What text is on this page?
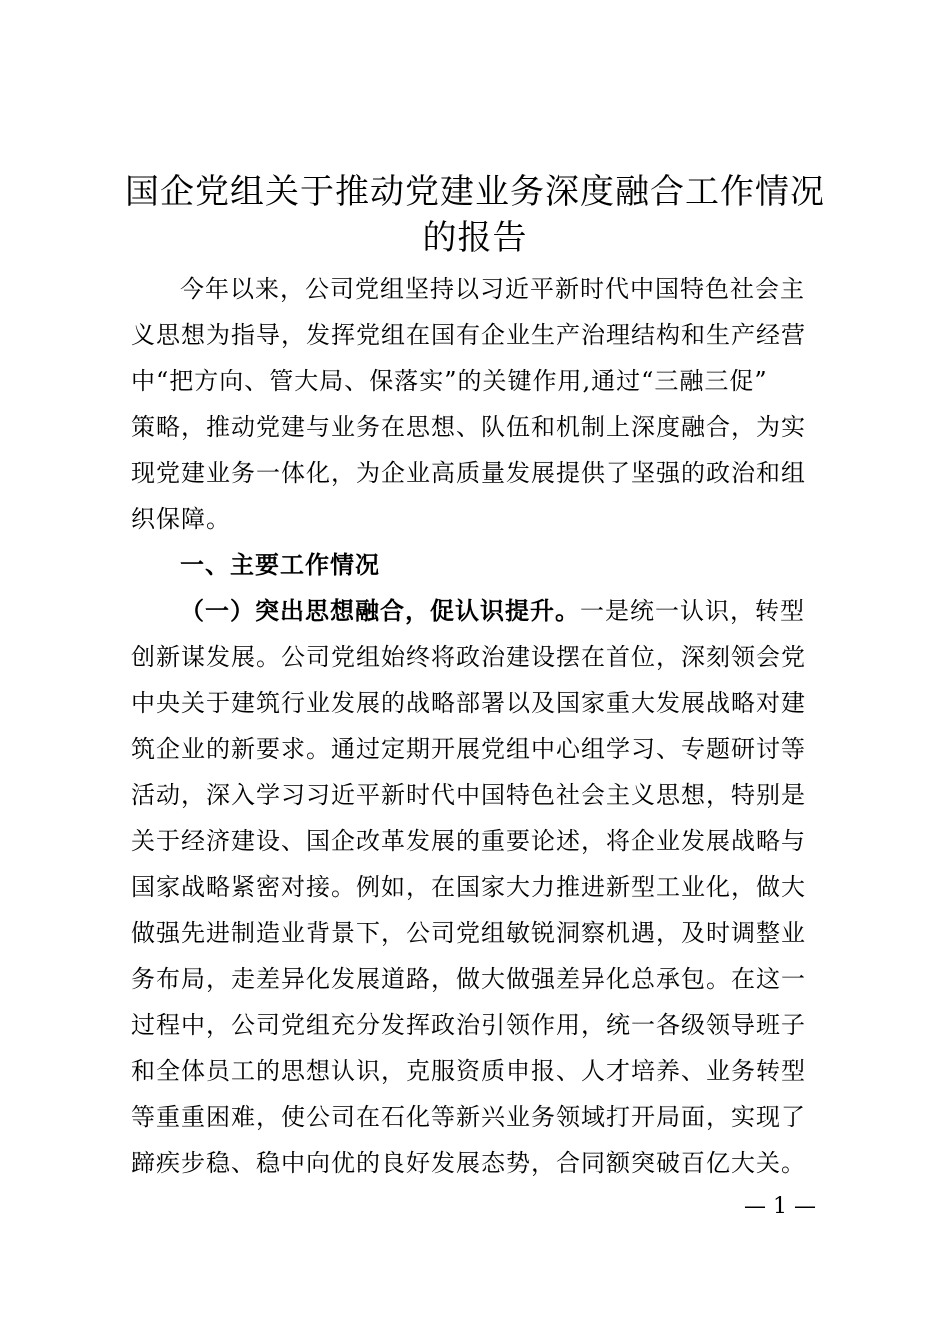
国企党组关于推动党建业务深度融合工作情况
的报告
今年以来，公司党组坚持以习近平新时代中国特色社会主
义思想为指导，发挥党组在国有企业生产治理结构和生产经营
中“把方向、管大局、保落实”的关键作用,通过“三融三促”
策略，推动党建与业务在思想、队伍和机制上深度融合，为实
现党建业务一体化，为企业高质量发展提供了坚强的政治和组
织保障。
一、主要工作情况
（一）突出思想融合，促认识提升。一是统一认识，转型
创新谋发展。公司党组始终将政治建设摆在首位，深刻领会党
中央关于建筑行业发展的战略部署以及国家重大发展战略对建
筑企业的新要求。通过定期开展党组中心组学习、专题研讨等
活动，深入学习习近平新时代中国特色社会主义思想，特别是
关于经济建设、国企改革发展的重要论述，将企业发展战略与
国家战略紧密对接。例如，在国家大力推进新型工业化，做大
做强先进制造业背景下，公司党组敏锐洞察机遇，及时调整业
务布局，走差异化发展道路，做大做强差异化总承包。在这一
过程中，公司党组充分发挥政治引领作用，统一各级领导班子
和全体员工的思想认识，克服资质申报、人才培养、业务转型
等重重困难，使公司在石化等新兴业务领域打开局面，实现了
蹄疾步稳、稳中向优的良好发展态势，合同额突破百亿大关。
— 1 —
